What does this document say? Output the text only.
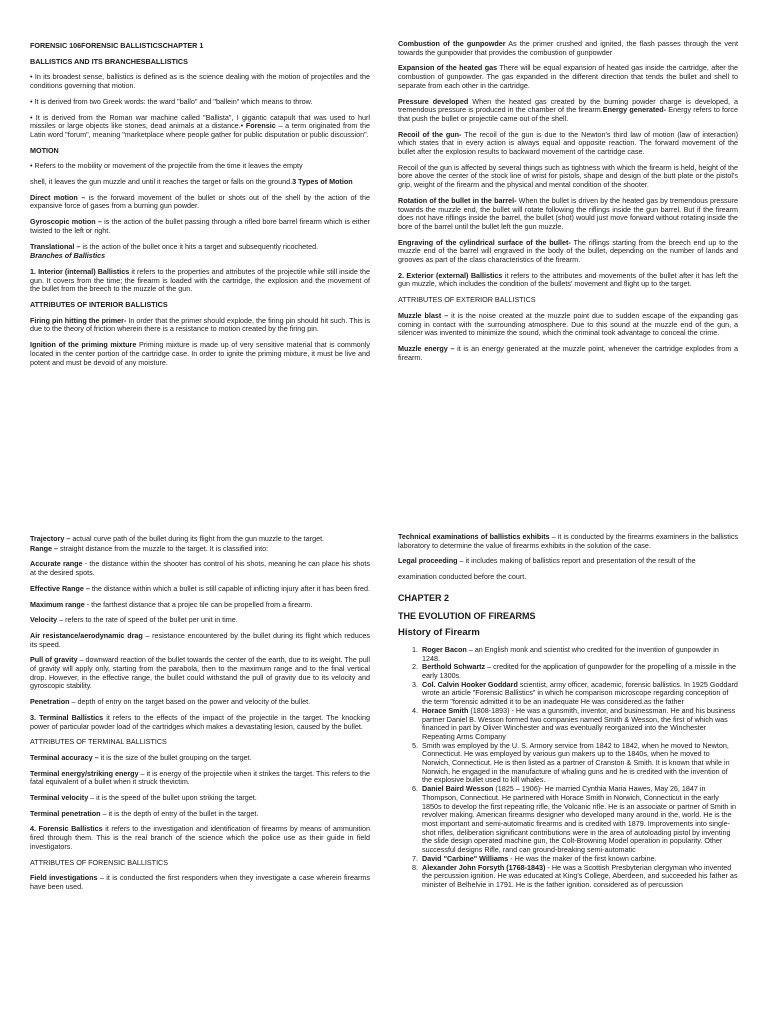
FORENSIC 106FORENSIC BALLISTICSCHAPTER 1

BALLISTICS AND ITS BRANCHESBALLISTICS

• In its broadest sense, ballistics is defined as is the science dealing with the motion of projectiles and the conditions governing that motion.

• It is derived from two Greek words: the ward "ballo" and "ballein" which means to throw.

• It is derived from the Roman war machine called "Ballista", I gigantic catapult that was used to hurl missiles or large objects like stones, dead animals at a distance.• Forensic – a term originated from the Latin word "forum", meaning "marketplace where people gather for public disputation or public discussion".

MOTION

• Refers to the mobility or movement of the projectile from the time it leaves the empty

shell, it leaves the gun muzzle and until it reaches the target or falls on the ground.3 Types of Motion

Direct motion – is the forward movement of the bullet or shots out of the shell by the action of the expansive force of gases from a burning gun powder.

Gyroscopic motion – is the action of the bullet passing through a rifled bore barrel firearm which is either twisted to the left or right.

Translational – is the action of the bullet once it hits a target and subsequently ricocheted.

Branches of Ballistics

1. Interior (internal) Ballistics it refers to the properties and attributes of the projectile while still inside the gun. It covers from the time; the firearm is loaded with the cartridge, the explosion and the movement of the bullet from the breech to the muzzle of the gun.

ATTRIBUTES OF INTERIOR BALLISTICS

Firing pin hitting the primer- In order that the primer should explode, the firing pin should hit such. This is due to the theory of friction wherein there is a resistance to motion created by the firing pin.

Ignition of the priming mixture Priming mixture is made up of very sensitive material that is commonly located in the center portion of the cartridge case. In order to ignite the priming mixture, it must be live and potent and must be devoid of any moisture.

Combustion of the gunpowder As the primer crushed and ignited, the flash passes through the vent towards the gunpowder that provides the combustion of gunpowder

Expansion of the heated gas There will be equal expansion of heated gas inside the cartridge, after the combustion of gunpowder. The gas expanded in the different direction that tends the bullet and shell to separate from each other in the cartridge.

Pressure developed When the heated gas created by the burning powder charge is developed, a tremendous pressure is produced in the chamber of the firearm.Energy generated- Energy refers to force that push the bullet or projectile came out of the shell.

Recoil of the gun- The recoil of the gun is due to the Newton's third law of motion (law of interaction) which states that in every action is always equal and opposite reaction. The forward movement of the bullet after the explosion results to backward movement of the cartridge case.

Recoil of the gun is affected by several things such as tightness with which the firearm is held, height of the bore above the center of the stock line of wrist for pistols, shape and design of the butt plate or the pistol's grip, weight of the firearm and the physical and mental condition of the shooter.

Rotation of the bullet in the barrel- When the bullet is driven by the heated gas by tremendous pressure towards the muzzle end, the bullet will rotate following the riflings inside the gun barrel. But if the firearm does not have riflings inside the barrel, the bullet (shot) would just move forward without rotating inside the bore of the barrel until the bullet left the gun muzzle.

Engraving of the cylindrical surface of the bullet- The riflings starting from the breech end up to the muzzle end of the barrel will engraved in the body of the bullet, depending on the number of lands and grooves as part of the class characteristics of the firearm.

2. Exterior (external) Ballistics it refers to the attributes and movements of the bullet after it has left the gun muzzle, which includes the condition of the bullets' movement and flight up to the target.

ATTRIBUTES OF EXTERIOR BALLISTICS

Muzzle blast – it is the noise created at the muzzle point due to sudden escape of the expanding gas coming in contact with the surrounding atmosphere. Due to this sound at the muzzle end of the gun, a silencer was invented to minimize the sound, which the criminal took advantage to conceal the crime.

Muzzle energy – it is an energy generated at the muzzle point, whenever the cartridge explodes from a firearm.

Trajectory – actual curve path of the bullet during its flight from the gun muzzle to the target.

Range – straight distance from the muzzle to the target. It is classified into:

Accurate range - the distance within the shooter has control of his shots, meaning he can place his shots at the desired spots.

Effective Range – the distance within which a bullet is still capable of inflicting injury after it has been fired.

Maximum range - the farthest distance that a projec tile can be propelled from a firearm.

Velocity – refers to the rate of speed of the bullet per unit in time.

Air resistance/aerodynamic drag – resistance encountered by the bullet during its flight which reduces its speed.

Pull of gravity – downward reaction of the bullet towards the center of the earth, due to its weight. The pull of gravity will apply only, starting from the parabola, then to the maximum range and to the final vertical drop. However, in the effective range, the bullet could withstand the pull of gravity due to its velocity and gyroscopic stability.

Penetration – depth of entry on the target based on the power and velocity of the bullet.

3. Terminal Ballistics it refers to the effects of the impact of the projectile in the target. The knocking power of particular powder load of the cartridges which makes a devastating lesion, caused by the bullet.

ATTRIBUTES OF TERMINAL BALLISTICS

Terminal accuracy – it is the size of the bullet grouping on the target.

Terminal energy/striking energy – it is energy of the projectile when it strikes the target. This refers to the fatal equivalent of a bullet when it struck thevictim.

Terminal velocity – it is the speed of the bullet upon striking the target.

Terminal penetration – it is the depth of entry of the bullet in the target.

4. Forensic Ballistics it refers to the investigation and identification of firearms by means of ammunition fired through them. This is the real branch of the science which the police use as their guide in field investigators.

ATTRIBUTES OF FORENSIC BALLISTICS

Field investigations – it is conducted the first responders when they investigate a case wherein firearms have been used.

Technical examinations of ballistics exhibits – it is conducted by the firearms examiners in the ballistics laboratory to determine the value of firearms exhibits in the solution of the case.

Legal proceeding – it includes making of ballistics report and presentation of the result of the

examination conducted before the court.

CHAPTER 2
THE EVOLUTION OF FIREARMS
History of Firearm
1. Roger Bacon – an English monk and scientist who credited for the invention of gunpowder in 1248.
2. Berthold Schwartz – credited for the application of gunpowder for the propelling of a missile in the early 1300s.
3. Col. Calvin Hooker Goddard scientist, army officer, academic, forensic ballistics. In 1925 Goddard wrote an article "Forensic Ballistics" in which he comparison microscope regarding conception of the term "forensic admitted it to be an inadequate He was considered.as the father
4. Horace Smith (1808-1893) - He was a gunsmith, inventor, and businessman. He and his business partner Daniel B. Wesson formed two companies named Smith & Wesson, the first of which was financed in part by Oliver Winchester and was eventually reorganized into the Winchester Repeating Arms Company
5. Smith was employed by the U. S. Armory service from 1842 to 1842, when he moved to Newton, Connecticut. He was employed by various gun makers up to the 1840s, when he moved to Norwich, Connecticut. He is then listed as a partner of Cranston & Smith. It is known that while in Norwich, he engaged in the manufacture of whaling guns and he is credited with the invention of the explosive bullet used to kill whales.
6. Daniel Baird Wesson (1825 – 1906)- He married Cynthia Maria Hawes, May 26, 1847 in Thompson, Connecticut. He partnered with Horace Smith in Norwich, Connecticut in the early 1850s to develop the first repeating rifle, the Volcanic rifle. He is an associate or partner of Smith in revolver making. American firearms designer who developed many around in the, world. He is the most important and semi-automatic firearms and is credited with 1879. Improvements into single-shot rifles, deliberation significant contributions were in the area of autoloading pistol by inventing the slide design operated machine gun, the Colt-Browning Model operation in popularity. Other successful designs Rifle, rand can ground-breaking semi-automatic
7. David "Carbine" Williams - He was the maker of the first known carbine.
8. Alexander John Forsyth (1768-1843) - He was a Scottish Presbyterian clergyman who invented the percussion ignition. He was educated at King's College, Aberdeen, and succeeded his father as minister of Belhelvie in 1791. He is the father ignition. considered as of percussion
